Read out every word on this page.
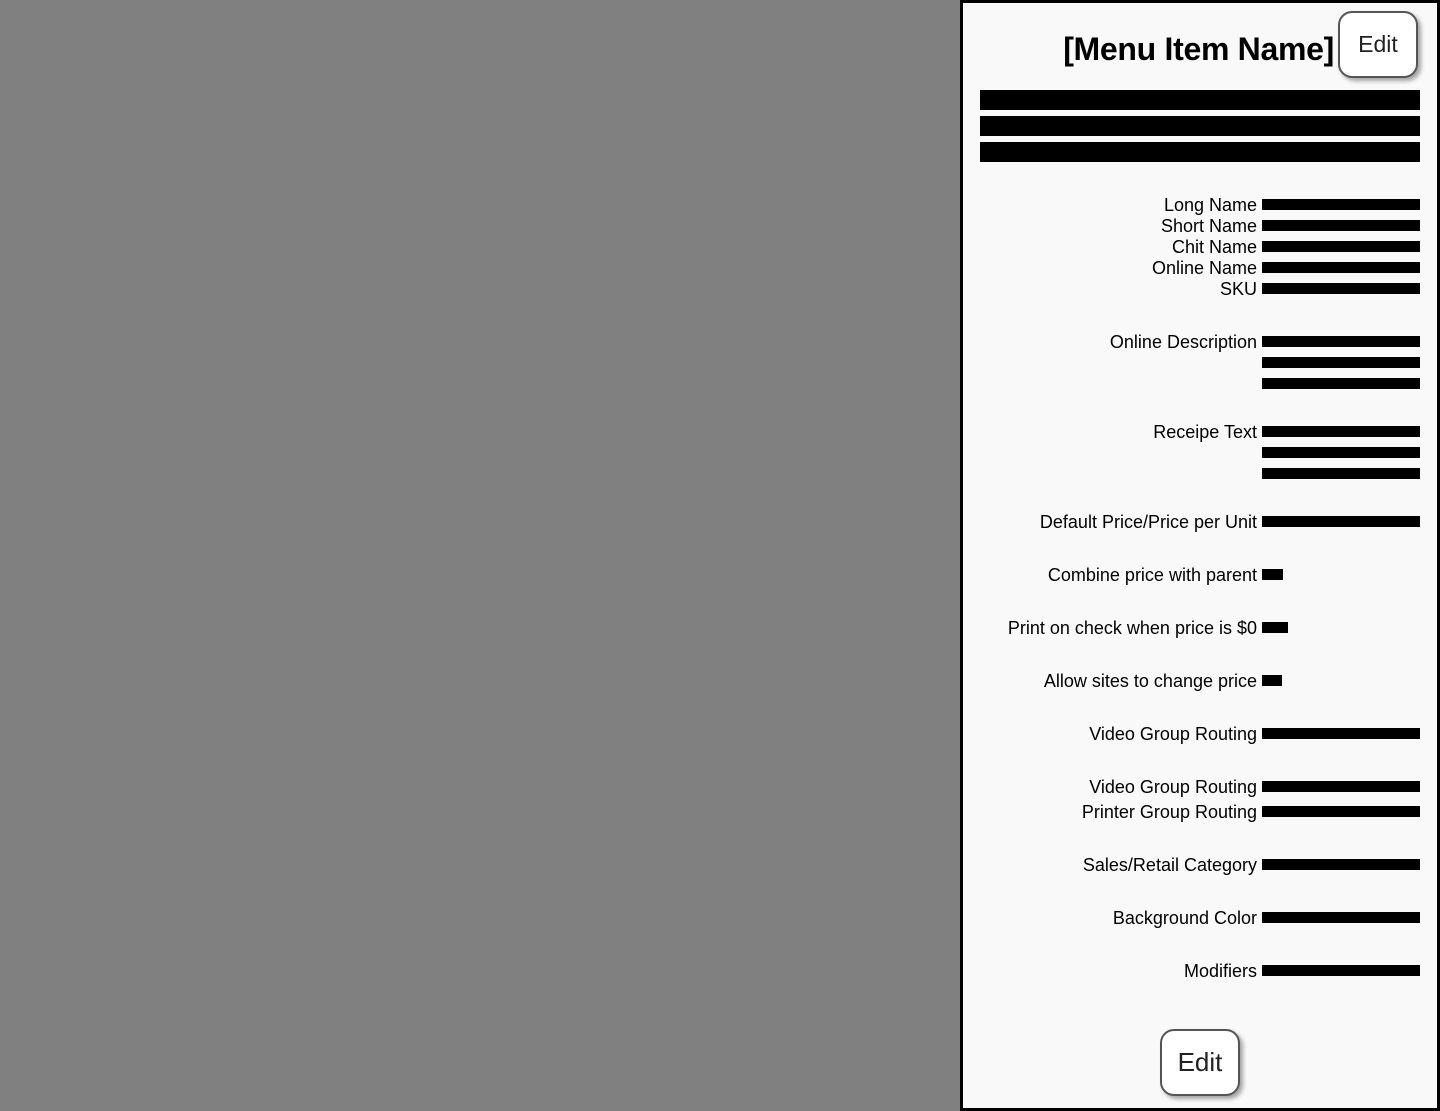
[Menu Item Name]	Edit
Long Name
Short Name
Chit Name
Online Name
SKU
Online Description
Receipe Text
Default Price/Price per Unit
Combine price with parent
Print on check when price is $0
Allow sites to change price
Video Group Routing
Video Group Routing
Printer Group Routing
Sales/Retail Category
Background Color
Modifiers
Edit
